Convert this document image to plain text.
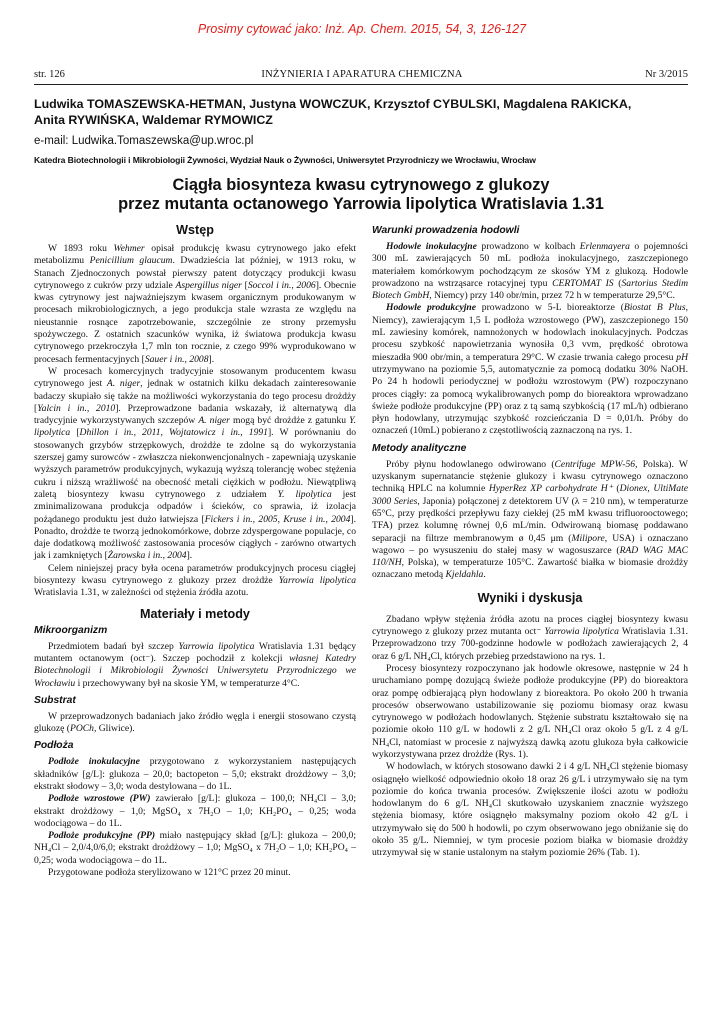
Prosimy cytować jako: Inż. Ap. Chem. 2015, 54, 3, 126-127
str. 126	INŻYNIERIA I APARATURA CHEMICZNA	Nr 3/2015
Ludwika TOMASZEWSKA-HETMAN, Justyna WOWCZUK, Krzysztof CYBULSKI, Magdalena RAKICKA,
Anita RYWIŃSKA, Waldemar RYMOWICZ
e-mail: Ludwika.Tomaszewska@up.wroc.pl
Katedra Biotechnologii i Mikrobiologii Żywności, Wydział Nauk o Żywności, Uniwersytet Przyrodniczy we Wrocławiu, Wrocław
Ciągła biosynteza kwasu cytrynowego z glukozy
przez mutanta octanowego Yarrowia lipolytica Wratislavia 1.31
Wstęp

W 1893 roku Wehmer opisał produkcję kwasu cytrynowego jako efekt metabolizmu Penicillium glaucum. Dwadzieścia lat później, w 1913 roku, w Stanach Zjednoczonych powstał pierwszy patent dotyczący produkcji kwasu cytrynowego z cukrów przy udziale Aspergillus niger [Soccol i in., 2006]. Obecnie kwas cytrynowy jest najważniejszym kwasem organicznym produkowanym w procesach mikrobiologicznych, a jego produkcja stale wzrasta ze względu na nieustannie rosnące zapotrzebowanie, szczególnie ze strony przemysłu spożywczego. Z ostatnich szacunków wynika, iż światowa produkcja kwasu cytrynowego przekroczyła 1,7 mln ton rocznie, z czego 99% wyprodukowano w procesach fermentacyjnych [Sauer i in., 2008].

W procesach komercyjnych tradycyjnie stosowanym producentem kwasu cytrynowego jest A. niger, jednak w ostatnich kilku dekadach zainteresowanie badaczy skupiało się także na możliwości wykorzystania do tego procesu drożdży [Yalcin i in., 2010]. Przeprowadzone badania wskazały, iż alternatywą dla tradycyjnie wykorzystywanych szczepów A. niger mogą być drożdże z gatunku Y. lipolytica [Dhillon i in., 2011, Wojtatowicz i in., 1991]. W porównaniu do stosowanych grzybów strzępkowych, drożdże te zdolne są do wykorzystania szerszej gamy surowców - zwłaszcza niekonwencjonalnych - zapewniają uzyskanie wyższych parametrów produkcyjnych, wykazują wyższą tolerancję wobec stężenia cukru i niższą wrażliwość na obecność metali ciężkich w podłożu. Niewątpliwą zaletą biosyntezy kwasu cytrynowego z udziałem Y. lipolytica jest zminimalizowana produkcja odpadów i ścieków, co sprawia, iż izolacja pożądanego produktu jest dużo łatwiejsza [Fickers i in., 2005, Kruse i in., 2004]. Ponadto, drożdże te tworzą jednokomórkowe, dobrze zdyspergowane populacje, co daje dodatkową możliwość zastosowania procesów ciągłych - zarówno otwartych jak i zamkniętych [Żarowska i in., 2004].

Celem niniejszej pracy była ocena parametrów produkcyjnych procesu ciągłej biosyntezy kwasu cytrynowego z glukozy przez drożdże Yarrowia lipolytica Wratislavia 1.31, w zależności od stężenia źródła azotu.

Materiały i metody
Mikroorganizm

Przedmiotem badań był szczep Yarrowia lipolytica Wratislavia 1.31 będący mutantem octanowym (oct⁻). Szczep pochodził z kolekcji własnej Katedry Biotechnologii i Mikrobiologii Żywności Uniwersytetu Przyrodniczego we Wrocławiu i przechowywany był na skosie YM, w temperaturze 4°C.

Substrat

W przeprowadzonych badaniach jako źródło węgla i energii stosowano czystą glukozę (POCh, Gliwice).

Podłoża

Podłoże inokulacyjne przygotowano z wykorzystaniem następujących składników [g/L]: glukoza – 20,0; bactopeton – 5,0; ekstrakt drożdżowy – 3,0; ekstrakt słodowy – 3,0; woda destylowana – do 1L.

Podłoże wzrostowe (PW) zawierało [g/L]: glukoza – 100,0; NH₄Cl – 3,0; ekstrakt drożdżowy – 1,0; MgSO₄ x 7H₂O – 1,0; KH₂PO₄ – 0,25; woda wodociągowa – do 1L.

Podłoże produkcyjne (PP) miało następujący skład [g/L]: glukoza – 200,0; NH₄Cl – 2,0/4,0/6,0; ekstrakt drożdżowy – 1,0; MgSO₄ x 7H₂O – 1,0; KH₂PO₄ – 0,25; woda wodociągowa – do 1L.

Przygotowane podłoża sterylizowano w 121°C przez 20 minut.

Warunki prowadzenia hodowli

Hodowle inokulacyjne prowadzono w kolbach Erlenmayera o pojemności 300 mL zawierających 50 mL podłoża inokulacyjnego, zaszczepionego materiałem komórkowym pochodzącym ze skosów YM z glukozą. Hodowle prowadzono na wstrząsarce rotacyjnej typu CERTOMAT IS (Sartorius Stedim Biotech GmbH, Niemcy) przy 140 obr/min, przez 72 h w temperaturze 29,5°C.

Hodowle produkcyjne prowadzono w 5-L bioreaktorze (Biostat B Plus, Niemcy), zawierającym 1,5 L podłoża wzrostowego (PW), zaszczepionego 150 mL zawiesiny komórek, namnożonych w hodowlach inokulacyjnych. Podczas procesu szybkość napowietrzania wynosiła 0,3 vvm, prędkość obrotowa mieszadła 900 obr/min, a temperatura 29°C. W czasie trwania całego procesu pH utrzymywano na poziomie 5,5, automatycznie za pomocą dodatku 30% NaOH. Po 24 h hodowli periodycznej w podłożu wzrostowym (PW) rozpoczynano proces ciągły: za pomocą wykalibrowanych pomp do bioreaktora wprowadzano świeże podłoże produkcyjne (PP) oraz z tą samą szybkością (17 mL/h) odbierano płyn hodowlany, utrzymując szybkość rozcieńczania D = 0,01/h. Próby do oznaczeń (10mL) pobierano z częstotliwością zaznaczoną na rys. 1.

Metody analityczne

Próby płynu hodowlanego odwirowano (Centrifuge MPW-56, Polska). W uzyskanym supernatancie stężenie glukozy i kwasu cytrynowego oznaczono techniką HPLC na kolumnie HyperRez XP carbohydrate H⁺ (Dionex, UltiMate 3000 Series, Japonia) połączonej z detektorem UV (λ = 210 nm), w temperaturze 65°C, przy prędkości przepływu fazy ciekłej (25 mM kwasu trifluorooctowego; TFA) przez kolumnę równej 0,6 mL/min. Odwirowaną biomasę poddawano separacji na filtrze membranowym ø 0,45 μm (Milipore, USA) i oznaczano wagowo – po wysuszeniu do stałej masy w wagosuszarce (RAD WAG MAC 110/NH, Polska), w temperaturze 105°C. Zawartość białka w biomasie drożdży oznaczano metodą Kjeldahla.

Wyniki i dyskusja

Zbadano wpływ stężenia źródła azotu na proces ciągłej biosyntezy kwasu cytrynowego z glukozy przez mutanta oct⁻ Yarrowia lipolytica Wratislavia 1.31. Przeprowadzono trzy 700-godzinne hodowle w podłożach zawierających 2, 4 oraz 6 g/L NH₄Cl, których przebieg przedstawiono na rys. 1.

Procesy biosyntezy rozpoczynano jak hodowle okresowe, następnie w 24 h uruchamiano pompę dozującą świeże podłoże produkcyjne (PP) do bioreaktora oraz pompę odbierającą płyn hodowlany z bioreaktora. Po około 200 h trwania procesów obserwowano ustabilizowanie się poziomu biomasy oraz kwasu cytrynowego w podłożach hodowlanych. Stężenie substratu kształtowało się na poziomie około 110 g/L w hodowli z 2 g/L NH₄Cl oraz około 5 g/L z 4 g/L NH₄Cl, natomiast w procesie z najwyższą dawką azotu glukoza była całkowicie wykorzystywana przez drożdże (Rys. 1).

W hodowlach, w których stosowano dawki 2 i 4 g/L NH₄Cl stężenie biomasy osiągnęło wielkość odpowiednio około 18 oraz 26 g/L i utrzymywało się na tym poziomie do końca trwania procesów. Zwiększenie ilości azotu w podłożu hodowlanym do 6 g/L NH₄Cl skutkowało uzyskaniem znacznie wyższego stężenia biomasy, które osiągnęło maksymalny poziom około 42 g/L i utrzymywało się do 500 h hodowli, po czym obserwowano jego obniżanie się do około 35 g/L. Niemniej, w tym procesie poziom białka w biomasie drożdży utrzymywał się w stanie ustalonym na stałym poziomie 26% (Tab. 1).
